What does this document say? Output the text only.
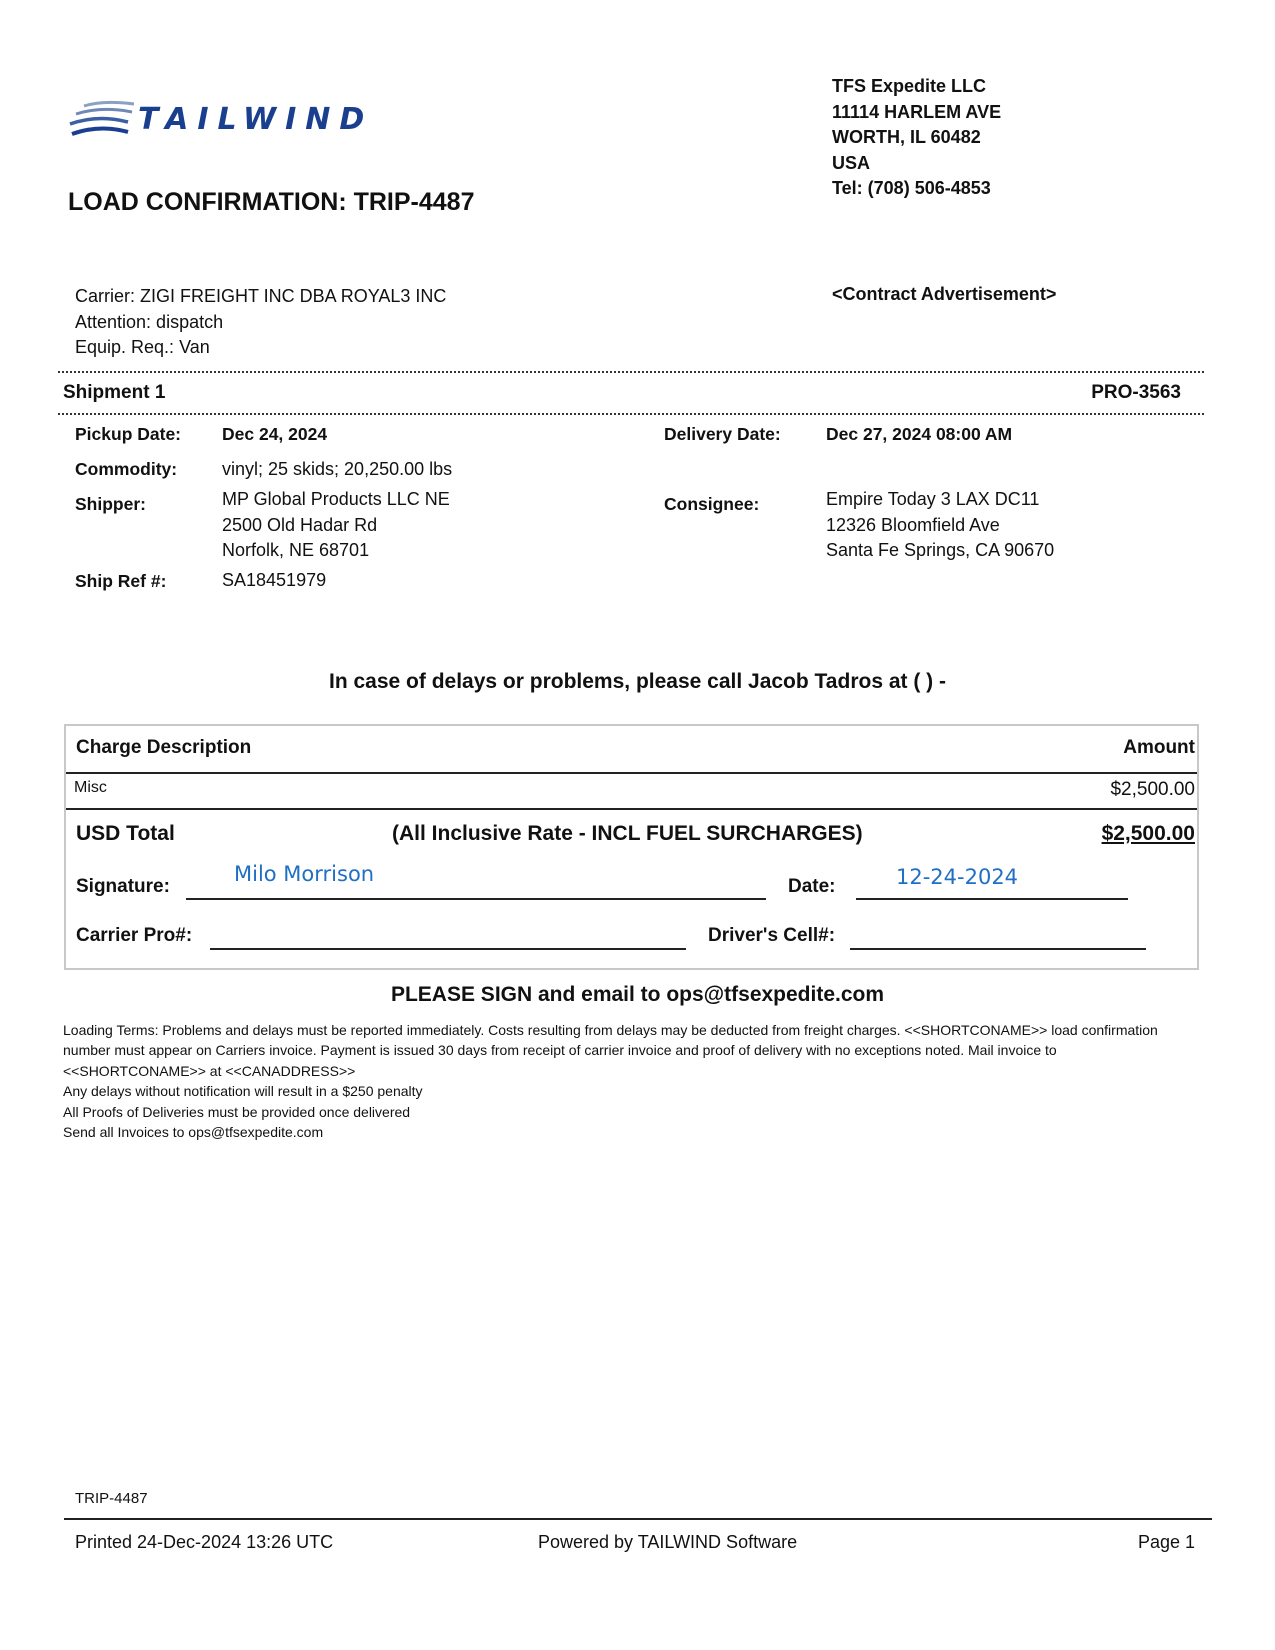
TAILWIND
TFS Expedite LLC
11114 HARLEM AVE
WORTH, IL 60482
USA
Tel: (708) 506-4853
LOAD CONFIRMATION: TRIP-4487
Carrier: ZIGI FREIGHT INC DBA ROYAL3 INC
Attention: dispatch
Equip. Req.: Van
<Contract Advertisement>
Shipment 1	PRO-3563
Pickup Date: Dec 24, 2024	Delivery Date:	Dec 27, 2024 08:00 AM
Commodity: vinyl; 25 skids; 20,250.00 lbs
Shipper:	MP Global Products LLC NE
2500 Old Hadar Rd
Norfolk, NE 68701
Consignee:	Empire Today 3 LAX DC11
12326 Bloomfield Ave
Santa Fe Springs, CA 90670
Ship Ref #:	SA18451979
In case of delays or problems, please call Jacob Tadros at ( ) -
Charge Description	Amount
Misc	$2,500.00
USD Total	(All Inclusive Rate - INCL FUEL SURCHARGES)	$2,500.00
Signature:
Milo Morrison
Date:	12-24-2024
Carrier Pro#:	Driver's Cell#:
PLEASE SIGN and email to ops@tfsexpedite.com
Loading Terms: Problems and delays must be reported immediately. Costs resulting from delays may be deducted from freight charges. <<SHORTCONAME>> load confirmation number must appear on Carriers invoice. Payment is issued 30 days from receipt of carrier invoice and proof of delivery with no exceptions noted. Mail invoice to <<SHORTCONAME>> at <<CANADDRESS>>
Any delays without notification will result in a $250 penalty
All Proofs of Deliveries must be provided once delivered
Send all Invoices to ops@tfsexpedite.com
TRIP-4487
Printed 24-Dec-2024 13:26 UTC	Powered by TAILWIND Software	Page 1
